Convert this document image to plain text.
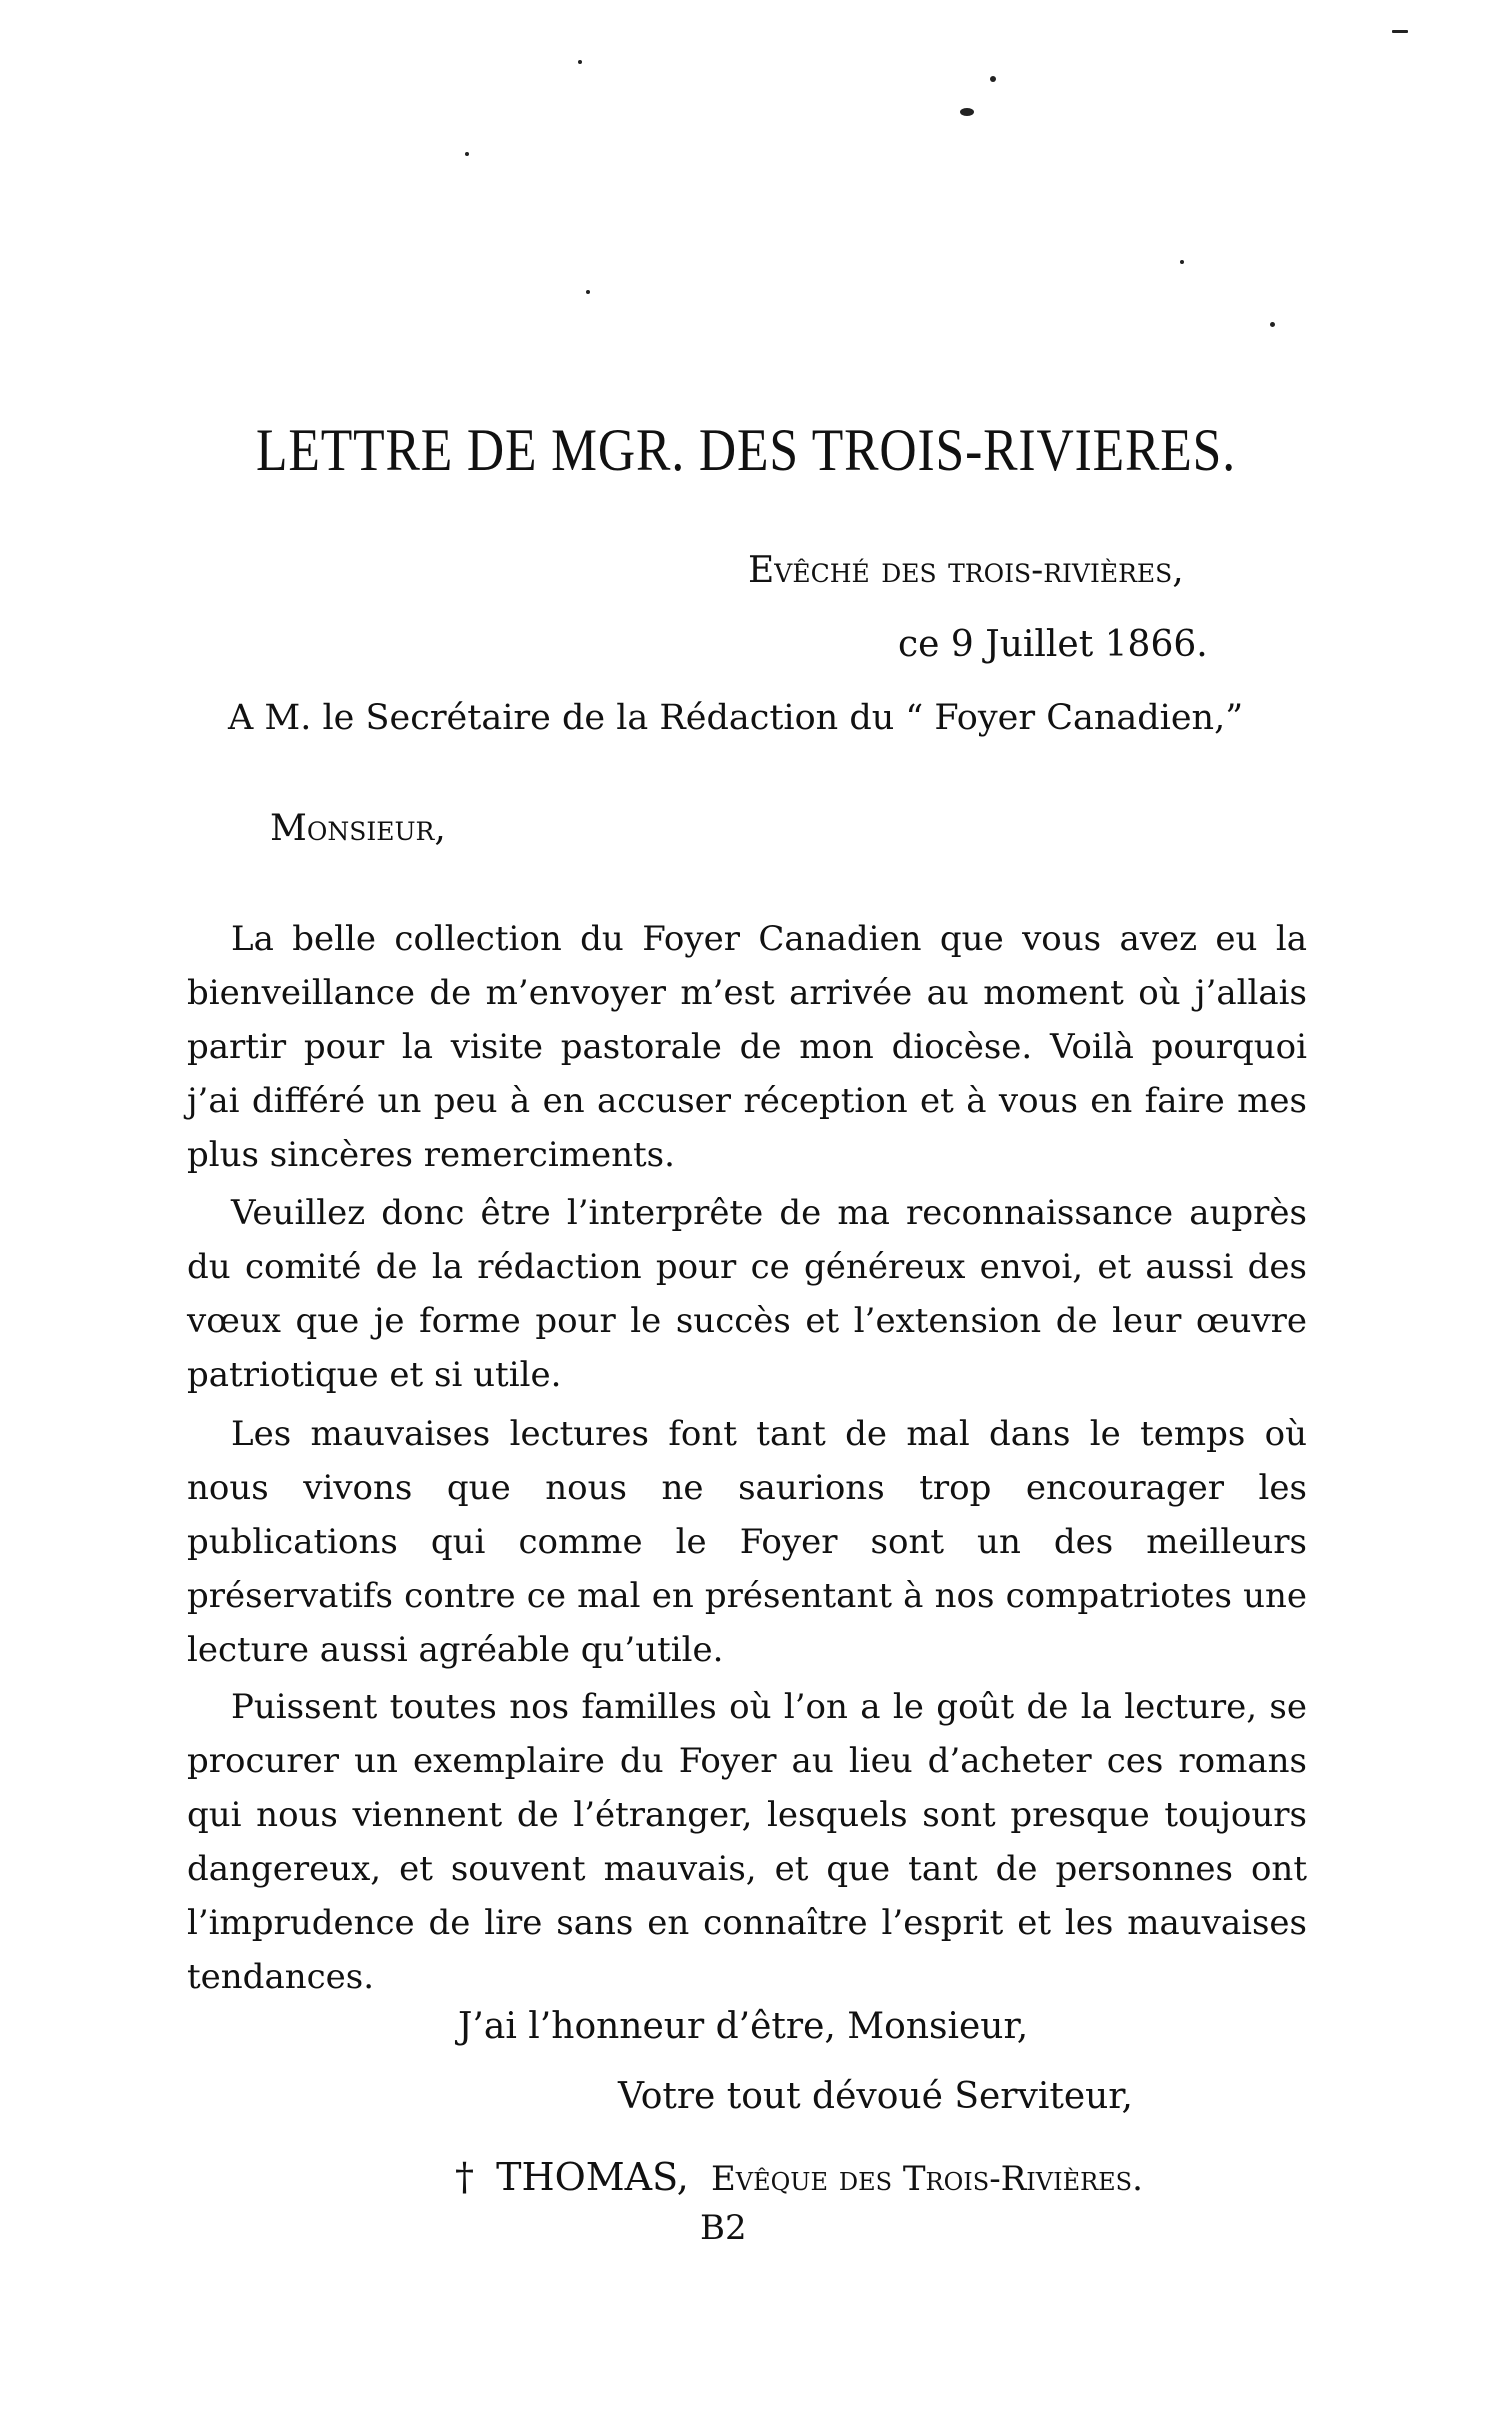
LETTRE DE MGR. DES TROIS-RIVIERES.
Evêché des trois-rivières,
ce 9 Juillet 1866.
A M. le Secrétaire de la Rédaction du “ Foyer Canadien,”
Monsieur,

La belle collection du Foyer Canadien que vous avez eu la bienveillance de m’envoyer m’est arrivée au moment où j’allais partir pour la visite pastorale de mon diocèse. Voilà pourquoi j’ai différé un peu à en accuser réception et à vous en faire mes plus sincères remerciments.

Veuillez donc être l’interprête de ma reconnaissance auprès du comité de la rédaction pour ce généreux envoi, et aussi des vœux que je forme pour le succès et l’extension de leur œuvre patriotique et si utile.

Les mauvaises lectures font tant de mal dans le temps où nous vivons que nous ne saurions trop encourager les publications qui comme le Foyer sont un des meilleurs préservatifs contre ce mal en présentant à nos compatriotes une lecture aussi agréable qu’utile.

Puissent toutes nos familles où l’on a le goût de la lecture, se procurer un exemplaire du Foyer au lieu d’acheter ces romans qui nous viennent de l’étranger, lesquels sont presque toujours dangereux, et souvent mauvais, et que tant de personnes ont l’imprudence de lire sans en connaître l’esprit et les mauvaises tendances.

J’ai l’honneur d’être, Monsieur,
Votre tout dévoué Serviteur,
† THOMAS, Evêque des Trois-Rivières.
B2
